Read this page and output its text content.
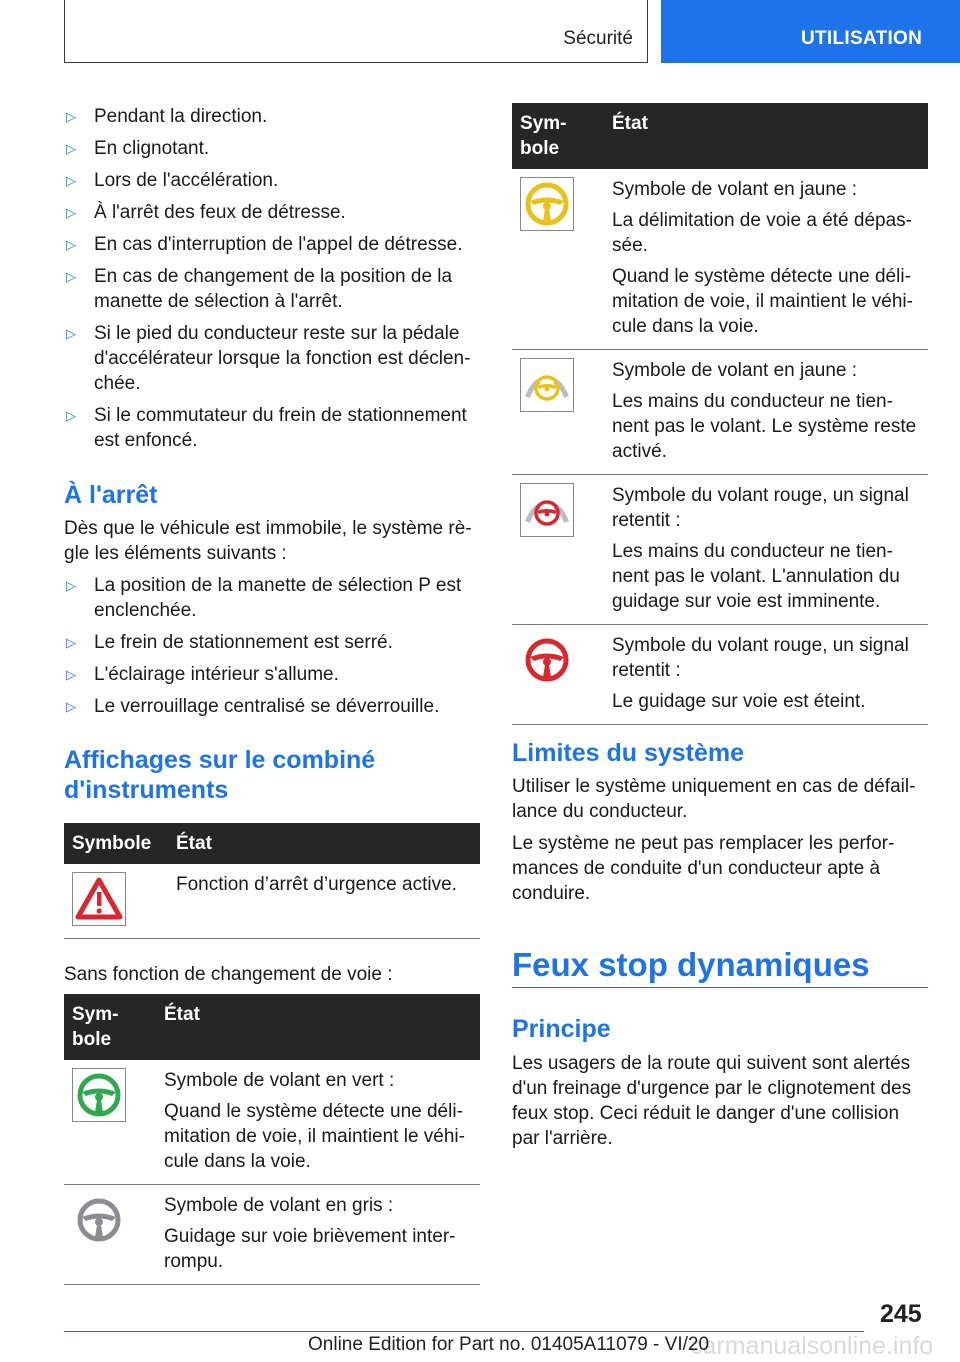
Sécurité	UTILISATION
▷ Pendant la direction.
▷ En clignotant.
▷ Lors de l'accélération.
▷ À l'arrêt des feux de détresse.
▷ En cas d'interruption de l'appel de détresse.
▷ En cas de changement de la position de la manette de sélection à l'arrêt.
▷ Si le pied du conducteur reste sur la pédale d'accélérateur lorsque la fonction est déclenchée.
▷ Si le commutateur du frein de stationnement est enfoncé.
À l'arrêt

Dès que le véhicule est immobile, le système règle les éléments suivants :

▷ La position de la manette de sélection P est enclenchée.
▷ Le frein de stationnement est serré.
▷ L'éclairage intérieur s'allume.
▷ Le verrouillage centralisé se déverrouille.
Affichages sur le combiné d'instruments
Symbole	État

	Fonction d’arrêt d’urgence active.

Sans fonction de changement de voie :

Symbole	État

Symbole de volant en vert :

Quand le système détecte une délimitation de voie, il maintient le véhicule dans la voie.

Symbole de volant en gris :

Guidage sur voie brièvement interrompu.

Symbole	État

Symbole de volant en jaune :

La délimitation de voie a été dépassée.

Quand le système détecte une délimitation de voie, il maintient le véhicule dans la voie.

Symbole de volant en jaune :

Les mains du conducteur ne tiennent pas le volant. Le système reste activé.

Symbole du volant rouge, un signal retentit :

Les mains du conducteur ne tiennent pas le volant. L'annulation du guidage sur voie est imminente.

Symbole du volant rouge, un signal retentit :

Le guidage sur voie est éteint.

Limites du système

Utiliser le système uniquement en cas de défaillance du conducteur.

Le système ne peut pas remplacer les performances de conduite d'un conducteur apte à conduire.

Feux stop dynamiques
Principe

Les usagers de la route qui suivent sont alertés d'un freinage d'urgence par le clignotement des feux stop. Ceci réduit le danger d'une collision par l'arrière.

245
carmanualsonline.info
Online Edition for Part no. 01405A11079 - VI/20
